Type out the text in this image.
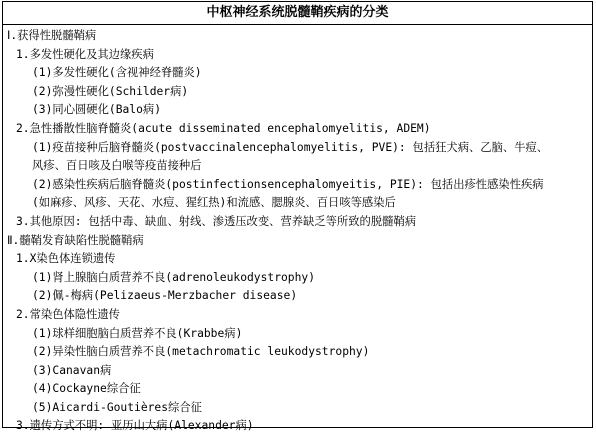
中枢神经系统脱髓鞘疾病的分类
Ⅰ.获得性脱髓鞘病
1.多发性硬化及其边缘疾病
(1)多发性硬化(含视神经脊髓炎)
(2)弥漫性硬化(Schilder病)
(3)同心圆硬化(Balo病)
2.急性播散性脑脊髓炎(acute disseminated encephalomyelitis, ADEM)
(1)疫苗接种后脑脊髓炎(postvaccinalencephalomyelitis, PVE): 包括狂犬病、乙脑、牛痘、
风疹、百日咳及白喉等疫苗接种后
(2)感染性疾病后脑脊髓炎(postinfectionsencephalomyeitis, PIE): 包括出疹性感染性疾病
(如麻疹、风疹、天花、水痘、猩红热)和流感、腮腺炎、百日咳等感染后
3.其他原因: 包括中毒、缺血、射线、渗透压改变、营养缺乏等所致的脱髓鞘病
Ⅱ.髓鞘发育缺陷性脱髓鞘病
1.X染色体连锁遗传
(1)肾上腺脑白质营养不良(adrenoleukodystrophy)
(2)佩-梅病(Pelizaeus-Merzbacher disease)
2.常染色体隐性遗传
(1)球样细胞脑白质营养不良(Krabbe病)
(2)异染性脑白质营养不良(metachromatic leukodystrophy)
(3)Canavan病
(4)Cockayne综合征
(5)Aicardi-Goutières综合征
3.遗传方式不明: 亚历山大病(Alexander病)
